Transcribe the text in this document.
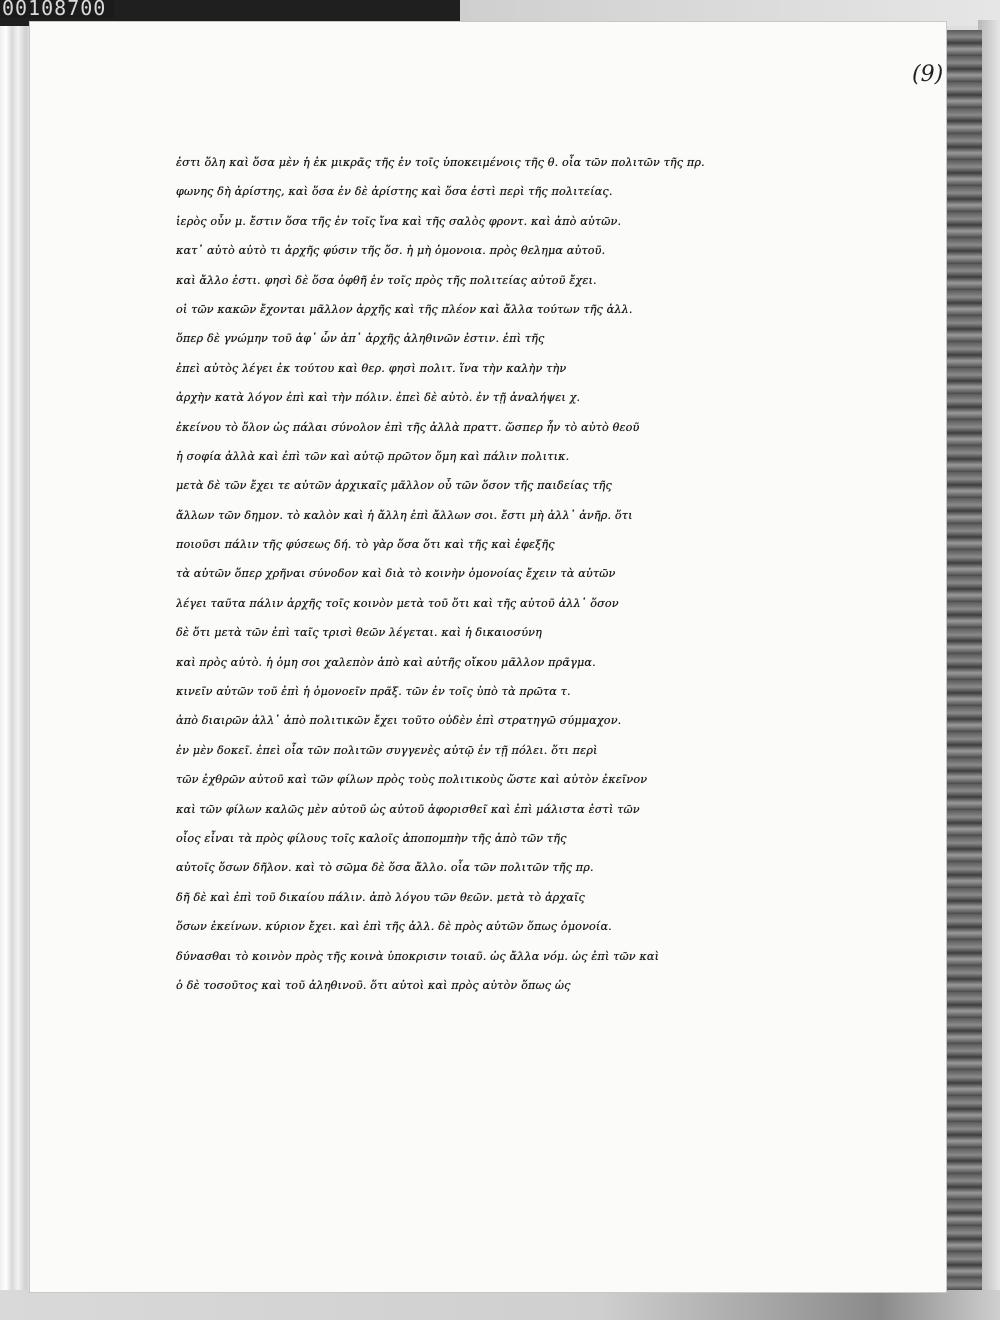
00108700
(9)
ἐστι ὅλη καὶ ὅσα μὲν ἡ ἐκ μικρᾶς τῆς ἐν τοῖς ὑποκειμένοις τῆς θ. οἷα τῶν πολιτῶν τῆς πρ.
φωνης δὴ ἀρίστης, καὶ ὅσα ἐν δὲ ἀρίστης καὶ ὅσα ἐστὶ περὶ τῆς πολιτείας.
ἱερὸς οὖν μ. ἔστιν ὅσα τῆς ἐν τοῖς ἴνα καὶ τῆς σαλὸς φροντ. καὶ ἀπὸ αὐτῶν.
κατ᾽ αὐτὸ αὐτὸ τι ἀρχῆς φύσιν τῆς ὅσ. ἡ μὴ ὁμονοια. πρὸς θελημα αὐτοῦ.
καὶ ἄλλο ἐστι. φησὶ δὲ ὅσα ὀφθῆ ἐν τοῖς πρὸς τῆς πολιτείας αὐτοῦ ἔχει.
οἱ τῶν κακῶν ἔχονται μᾶλλον ἀρχῆς καὶ τῆς πλέον καὶ ἄλλα τούτων τῆς ἀλλ.
ὅπερ δὲ γνώμην τοῦ ἀφ᾽ ὧν ἀπ᾽ ἀρχῆς ἀληθινῶν ἐστιν. ἐπὶ τῆς
ἐπεὶ αὐτὸς λέγει ἐκ τούτου καὶ θερ. φησὶ πολιτ. ἵνα τὴν καλὴν τὴν
ἀρχὴν κατὰ λόγον ἐπὶ καὶ τὴν πόλιν. ἐπεὶ δὲ αὐτὸ. ἐν τῇ ἀναλήψει χ.
ἐκείνου τὸ ὅλον ὡς πάλαι σύνολον ἐπὶ τῆς ἀλλὰ πραττ. ὥσπερ ἦν τὸ αὐτὸ θεοῦ
ἡ σοφία ἀλλὰ καὶ ἐπὶ τῶν καὶ αὐτῷ πρῶτον ὅμη καὶ πάλιν πολιτικ.
μετὰ δὲ τῶν ἔχει τε αὐτῶν ἀρχικαῖς μᾶλλον οὗ τῶν ὅσον τῆς παιδείας τῆς
ἄλλων τῶν δημον. τὸ καλὸν καὶ ἡ ἄλλη ἐπὶ ἄλλων σοι. ἔστι μὴ ἀλλ᾽ ἀνῆρ. ὅτι
ποιοῦσι πάλιν τῆς φύσεως δή. τὸ γὰρ ὅσα ὅτι καὶ τῆς καὶ ἐφεξῆς
τὰ αὐτῶν ὅπερ χρῆναι σύνοδον καὶ διὰ τὸ κοινὴν ὁμονοίας ἔχειν τὰ αὐτῶν
λέγει ταῦτα πάλιν ἀρχῆς τοῖς κοινὸν μετὰ τοῦ ὅτι καὶ τῆς αὐτοῦ ἀλλ᾽ ὅσον
δὲ ὅτι μετὰ τῶν ἐπὶ ταῖς τρισὶ θεῶν λέγεται. καὶ ἡ δικαιοσύνη
καὶ πρὸς αὐτὸ. ἡ ὁμη σοι χαλεπὸν ἀπὸ καὶ αὐτῆς οἴκου μᾶλλον πρᾶγμα.
κινεῖν αὐτῶν τοῦ ἐπὶ ἡ ὁμονοεῖν πρᾶξ. τῶν ἐν τοῖς ὑπὸ τὰ πρῶτα τ.
ἀπὸ διαιρῶν ἀλλ᾽ ἀπὸ πολιτικῶν ἔχει τοῦτο οὐδὲν ἐπὶ στρατηγῶ σύμμαχον.
ἐν μὲν δοκεῖ. ἐπεὶ οἷα τῶν πολιτῶν συγγενὲς αὐτῷ ἐν τῇ πόλει. ὅτι περὶ
τῶν ἐχθρῶν αὐτοῦ καὶ τῶν φίλων πρὸς τοὺς πολιτικοὺς ὥστε καὶ αὐτὸν ἐκεῖνον
καὶ τῶν φίλων καλῶς μὲν αὐτοῦ ὡς αὐτοῦ ἀφορισθεῖ καὶ ἐπὶ μάλιστα ἐστὶ τῶν
οἷος εἶναι τὰ πρὸς φίλους τοῖς καλοῖς ἀποπομπὴν τῆς ἀπὸ τῶν τῆς
αὐτοῖς ὅσων δῆλον. καὶ τὸ σῶμα δὲ ὅσα ἄλλο. οἷα τῶν πολιτῶν τῆς πρ.
δῆ δὲ καὶ ἐπὶ τοῦ δικαίου πάλιν. ἀπὸ λόγου τῶν θεῶν. μετὰ τὸ ἀρχαῖς
ὅσων ἐκείνων. κύριον ἔχει. καὶ ἐπὶ τῆς ἀλλ. δὲ πρὸς αὐτῶν ὅπως ὁμονοία.
δύνασθαι τὸ κοινὸν πρὸς τῆς κοινὰ ὑποκρισιν τοιαῦ. ὡς ἄλλα νόμ. ὡς ἐπὶ τῶν καὶ
ὁ δὲ τοσοῦτος καὶ τοῦ ἀληθινοῦ. ὅτι αὐτοὶ καὶ πρὸς αὐτὸν ὅπως ὡς
